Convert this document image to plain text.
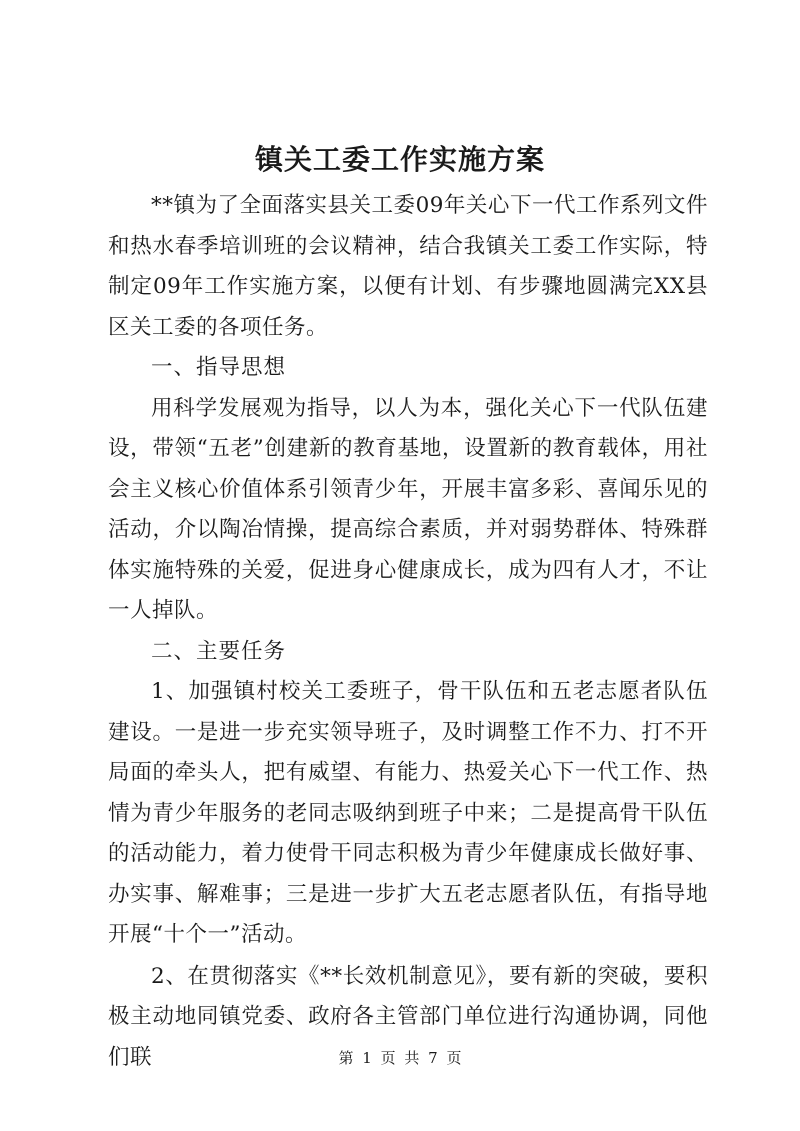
镇关工委工作实施方案

**镇为了全面落实县关工委09年关心下一代工作系列文件和热水春季培训班的会议精神，结合我镇关工委工作实际，特制定09年工作实施方案，以便有计划、有步骤地圆满完XX县区关工委的各项任务。

一、指导思想

用科学发展观为指导，以人为本，强化关心下一代队伍建设，带领“五老”创建新的教育基地，设置新的教育载体，用社会主义核心价值体系引领青少年，开展丰富多彩、喜闻乐见的活动，介以陶冶情操，提高综合素质，并对弱势群体、特殊群体实施特殊的关爱，促进身心健康成长，成为四有人才，不让一人掉队。

二、主要任务

1、加强镇村校关工委班子，骨干队伍和五老志愿者队伍建设。一是进一步充实领导班子，及时调整工作不力、打不开局面的牵头人，把有威望、有能力、热爱关心下一代工作、热情为青少年服务的老同志吸纳到班子中来；二是提高骨干队伍的活动能力，着力使骨干同志积极为青少年健康成长做好事、办实事、解难事；三是进一步扩大五老志愿者队伍，有指导地开展“十个一”活动。

2、在贯彻落实《**长效机制意见》，要有新的突破，要积极主动地同镇党委、政府各主管部门单位进行沟通协调，同他们联	第 1 页 共 7 页
